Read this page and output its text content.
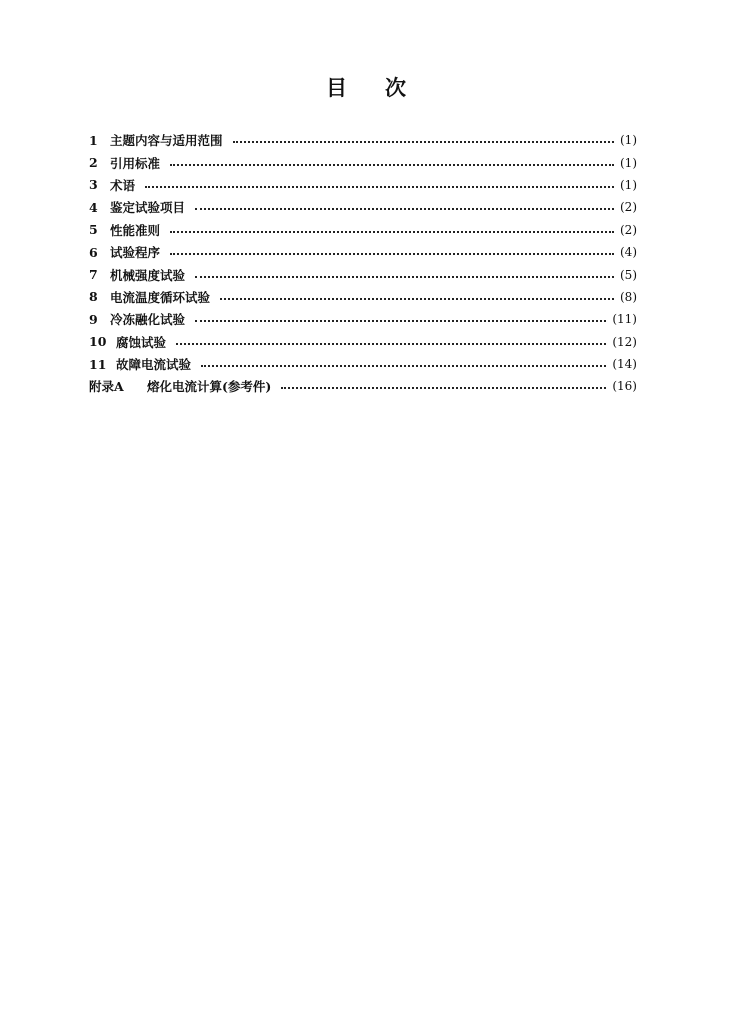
目次
1 主题内容与适用范围	(1)
2 引用标准	(1)
3 术语	(1)
4 鉴定试验项目	(2)
5 性能准则	(2)
6 试验程序	(4)
7 机械强度试验	(5)
8 电流温度循环试验	(8)
9 冷冻融化试验	(11)
10 腐蚀试验	(12)
11 故障电流试验	(14)
附录A	熔化电流计算(参考件)	(16)
